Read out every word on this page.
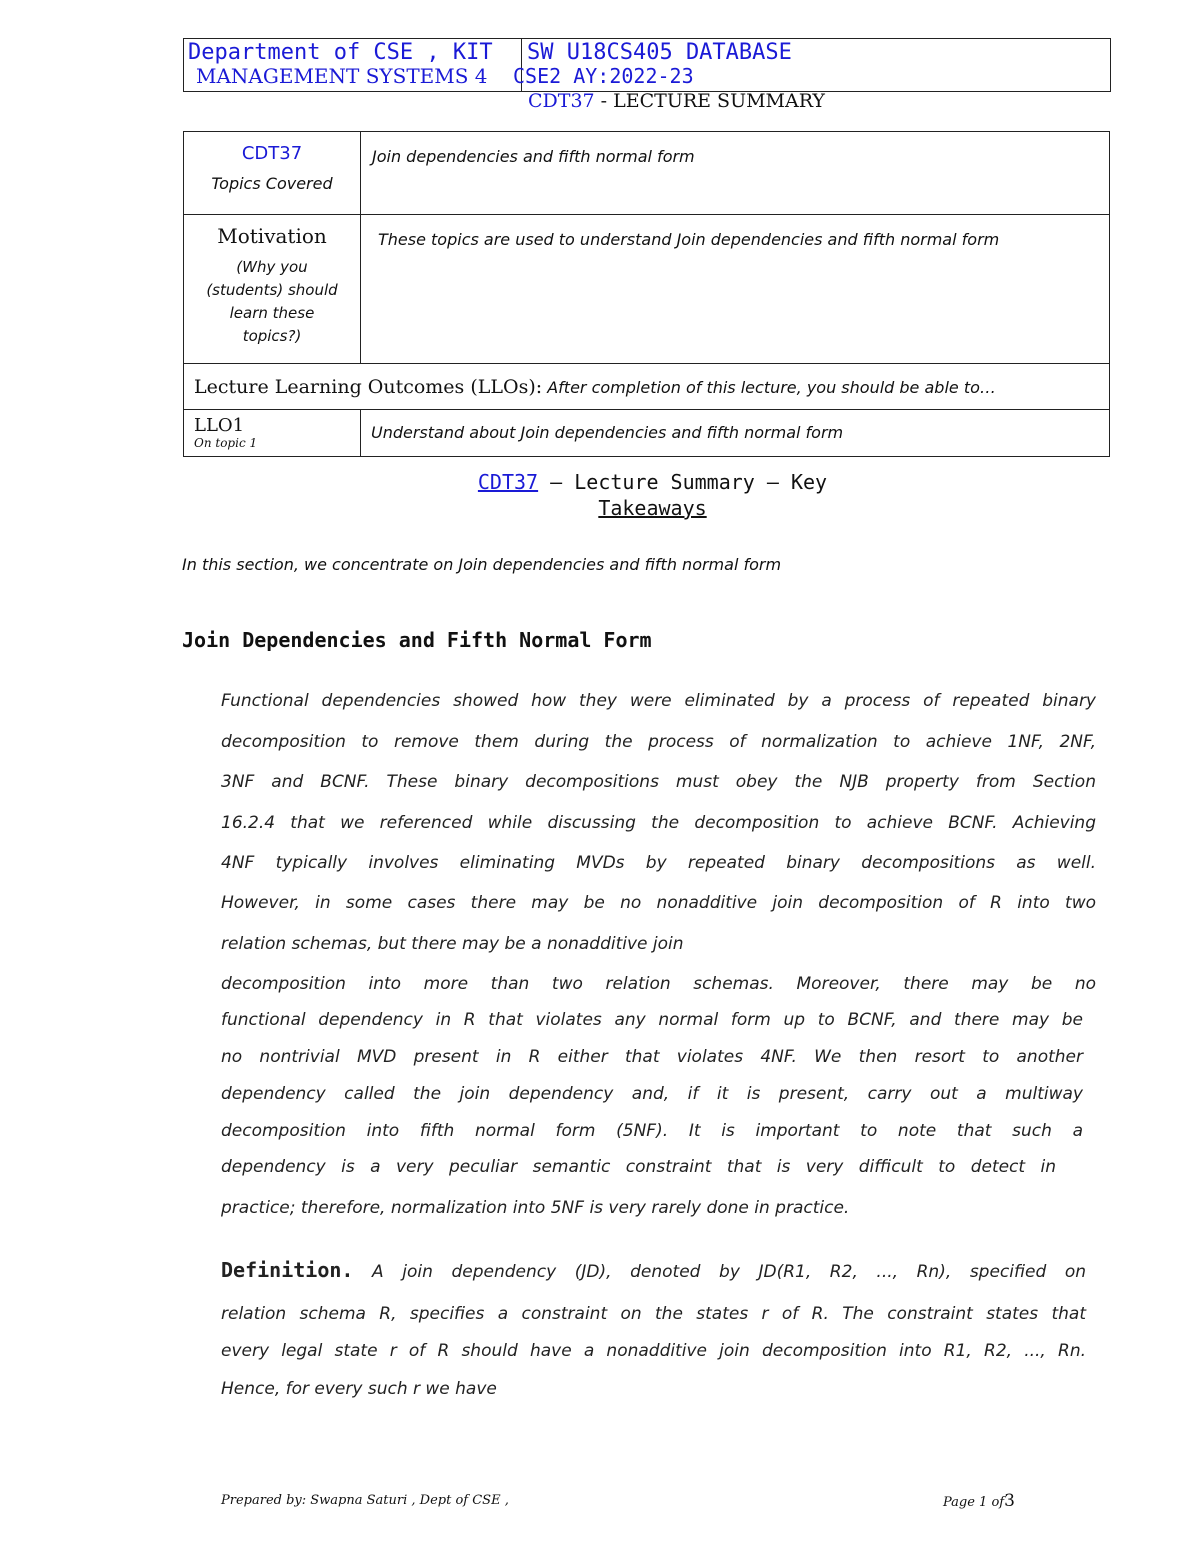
Department of CSE , KIT
MANAGEMENT SYSTEMS 4
SW U18CS405 DATABASE
CSE2 AY:2022-23
CDT37 - LECTURE SUMMARY
CDT37
Topics Covered	Join dependencies and fifth normal form

Motivation
(Why you (students) should learn these topics?)	These topics are used to understand Join dependencies and fifth normal form

Lecture Learning Outcomes (LLOs): After completion of this lecture, you should be able to…	

LLO1
On topic 1	Understand about Join dependencies and fifth normal form
CDT37 – Lecture Summary – Key
Takeaways
In this section, we concentrate on Join dependencies and fifth normal form
Join Dependencies and Fifth Normal Form

Functional dependencies showed how they were eliminated by a process of repeated binary

decomposition to remove them during the process of normalization to achieve 1NF, 2NF,

3NF and BCNF. These binary decompositions must obey the NJB property from Section

16.2.4 that we referenced while discussing the decomposition to achieve BCNF. Achieving

4NF typically involves eliminating MVDs by repeated binary decompositions as well.

However, in some cases there may be no nonadditive join decomposition of R into two

relation schemas, but there may be a nonadditive join

decomposition into more than two relation schemas. Moreover, there may be no

functional dependency in R that violates any normal form up to BCNF, and there may be

no nontrivial MVD present in R either that violates 4NF. We then resort to another

dependency called the join dependency and, if it is present, carry out a multiway

decomposition into fifth normal form (5NF). It is important to note that such a

dependency is a very peculiar semantic constraint that is very difficult to detect in

practice; therefore, normalization into 5NF is very rarely done in practice.

Definition. A join dependency (JD), denoted by JD(R1, R2, ..., Rn), specified on

relation schema R, specifies a constraint on the states r of R. The constraint states that

every legal state r of R should have a nonadditive join decomposition into R1, R2, ..., Rn.

Hence, for every such r we have

Prepared by: Swapna Saturi , Dept of CSE ,	Page 1 of3
